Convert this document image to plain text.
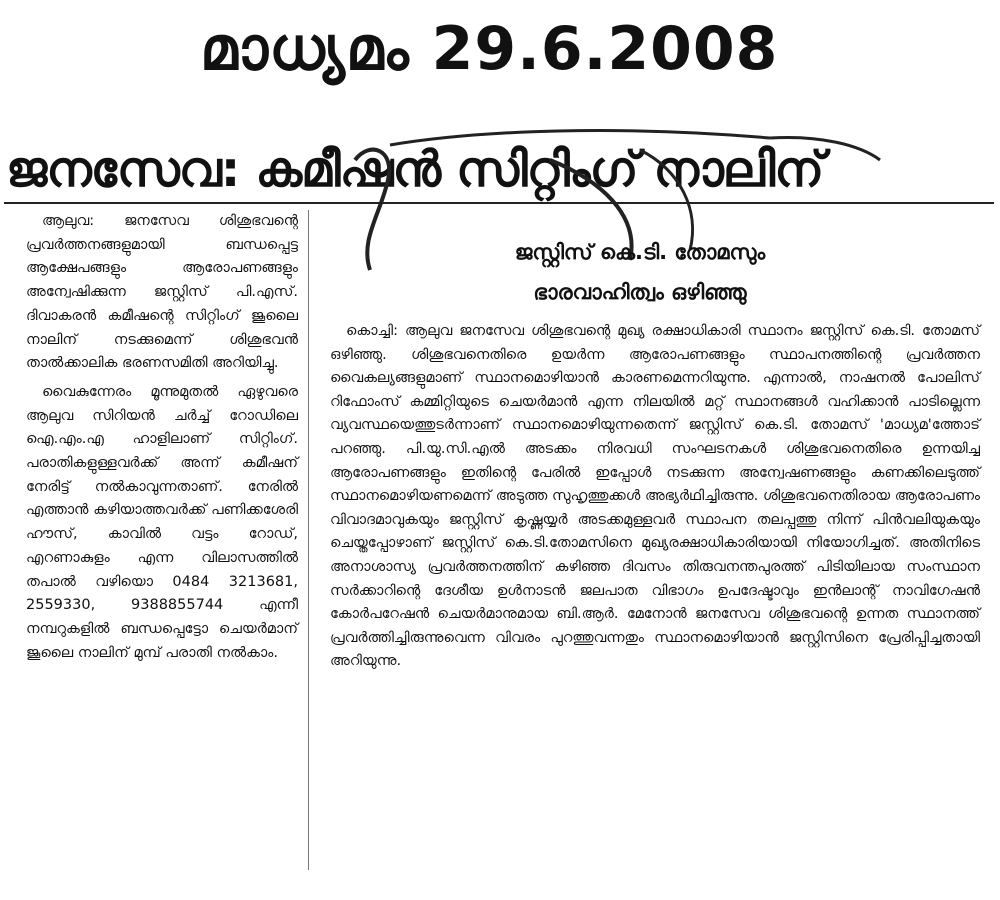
മാധ്യമം 29.6.2008
ജനസേവ: കമീഷൻ സിറ്റിംഗ് നാലിന്

ആലുവ: ജനസേവ ശിശുഭവന്റെ പ്രവർത്തനങ്ങളുമായി ബന്ധപ്പെട്ട ആക്ഷേപങ്ങളും ആരോപണങ്ങളും അന്വേഷിക്കുന്ന ജസ്റ്റിസ് പി.എസ്. ദിവാകരൻ കമീഷന്റെ സിറ്റിംഗ് ജൂലൈ നാലിന് നടക്കുമെന്ന് ശിശുഭവൻ താൽക്കാലിക ഭരണസമിതി അറിയിച്ചു.

വൈകുന്നേരം മൂന്നുമുതൽ ഏഴുവരെ ആലുവ സിറിയൻ ചർച്ച് റോഡിലെ ഐ.എം.എ ഹാളിലാണ് സിറ്റിംഗ്. പരാതികളുള്ളവർക്ക് അന്ന് കമീഷന് നേരിട്ട് നൽകാവുന്നതാണ്. നേരിൽ എത്താൻ കഴിയാത്തവർക്ക് പണിക്കശേരി ഹൗസ്, കാവിൽ വട്ടം റോഡ്, എറണാകുളം എന്ന വിലാസത്തിൽ തപാൽ വഴിയൊ 0484 3213681, 2559330, 9388855744 എന്നീ നമ്പറുകളിൽ ബന്ധപ്പെട്ടോ ചെയർമാന് ജൂലൈ നാലിന് മുമ്പ് പരാതി നൽകാം.

ജസ്റ്റിസ് കെ.ടി. തോമസും
ഭാരവാഹിത്വം ഒഴിഞ്ഞു

കൊച്ചി: ആലുവ ജനസേവ ശിശുഭവന്റെ മുഖ്യ രക്ഷാധികാരി സ്ഥാനം ജസ്റ്റിസ് കെ.ടി. തോമസ് ഒഴിഞ്ഞു. ശിശുഭവനെതിരെ ഉയർന്ന ആരോപണങ്ങളും സ്ഥാപനത്തിന്റെ പ്രവർത്തന വൈകല്യങ്ങളുമാണ് സ്ഥാനമൊഴിയാൻ കാരണമെന്നറിയുന്നു. എന്നാൽ, നാഷനൽ പോലിസ് റിഫോംസ് കമ്മിറ്റിയുടെ ചെയർമാൻ എന്ന നിലയിൽ മറ്റ് സ്ഥാനങ്ങൾ വഹിക്കാൻ പാടില്ലെന്ന വ്യവസ്ഥയെത്തുടർന്നാണ് സ്ഥാനമൊഴിയുന്നതെന്ന് ജസ്റ്റിസ് കെ.ടി. തോമസ് 'മാധ്യമ'ത്തോട് പറഞ്ഞു. പി.യു.സി.എൽ അടക്കം നിരവധി സംഘടനകൾ ശിശുഭവനെതിരെ ഉന്നയിച്ച ആരോപണങ്ങളും ഇതിന്റെ പേരിൽ ഇപ്പോൾ നടക്കുന്ന അന്വേഷണങ്ങളും കണക്കിലെടുത്ത് സ്ഥാനമൊഴിയണമെന്ന് അടുത്ത സുഹൃത്തുക്കൾ അഭ്യർഥിച്ചിരുന്നു. ശിശുഭവനെതിരായ ആരോപണം വിവാദമാവുകയും ജസ്റ്റിസ് കൃഷ്ണയ്യർ അടക്കമുള്ളവർ സ്ഥാപന തലപ്പത്തു നിന്ന് പിൻവലിയുകയും ചെയ്തപ്പോഴാണ് ജസ്റ്റിസ് കെ.ടി.തോമസിനെ മുഖ്യരക്ഷാധികാരിയായി നിയോഗിച്ചത്. അതിനിടെ അനാശാസ്യ പ്രവർത്തനത്തിന് കഴിഞ്ഞ ദിവസം തിരുവനന്തപുരത്ത് പിടിയിലായ സംസ്ഥാന സർക്കാറിന്റെ ദേശീയ ഉൾനാടൻ ജലപാത വിഭാഗം ഉപദേഷ്ടാവും ഇൻലാന്റ് നാവിഗേഷൻ കോർപറേഷൻ ചെയർമാനുമായ ബി.ആർ. മേനോൻ ജനസേവ ശിശുഭവന്റെ ഉന്നത സ്ഥാനത്ത് പ്രവർത്തിച്ചിരുന്നുവെന്ന വിവരം പുറത്തുവന്നതും സ്ഥാനമൊഴിയാൻ ജസ്റ്റിസിനെ പ്രേരിപ്പിച്ചതായി അറിയുന്നു.
